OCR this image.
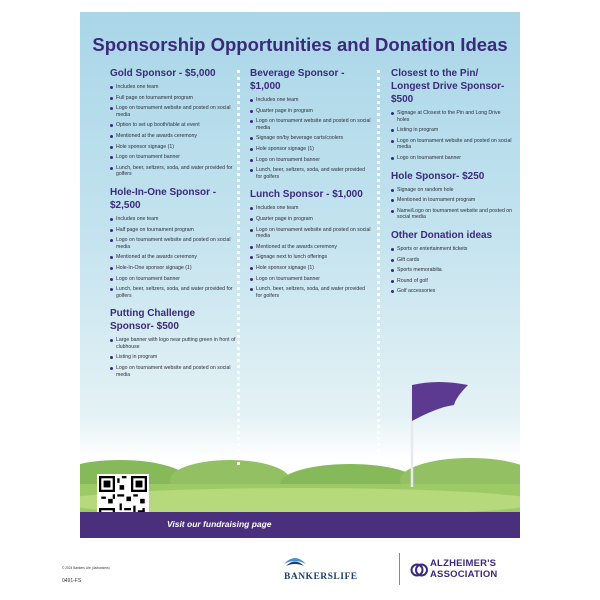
Sponsorship Opportunities and Donation Ideas
Gold Sponsor - $5,000
Includes one team
Full page on tournament program
Logo on tournament website and posted on social media
Option to set up booth/table at event
Mentioned at the awards ceremony
Hole sponsor signage (1)
Logo on tournament banner
Lunch, beer, seltzers, soda, and water provided for golfers
Hole-In-One Sponsor - $2,500
Includes one team
Half page on tournament program
Logo on tournament website and posted on social media
Mentioned at the awards ceremony
Hole-In-One sponsor signage (1)
Logo on tournament banner
Lunch, beer, seltzers, soda, and water provided for golfers
Putting Challenge Sponsor- $500
Large banner with logo near putting green in front of clubhouse
Listing in program
Logo on tournament website and posted on social media
Beverage Sponsor - $1,000
Includes one team
Quarter page in program
Logo on tournament website and posted on social media
Signage on/by beverage carts/coolers
Hole sponsor signage (1)
Logo on tournament banner
Lunch, beer, seltzers, soda, and water provided for golfers
Lunch Sponsor - $1,000
Includes one team
Quarter page in program
Logo on tournament website and posted on social media
Mentioned at the awards ceremony
Signage next to lunch offerings
Hole sponsor signage (1)
Logo on tournament banner
Lunch, beer, seltzers, soda, and water provided for golfers
Closest to the Pin/ Longest Drive Sponsor- $500
Signage at Closest to the Pin and Long Drive holes
Listing in program
Logo on tournament website and posted on social media
Logo on tournament banner
Hole Sponsor- $250
Signage on random hole
Mentioned in tournament program
Name/Logo on tournament website and posted on social media
Other Donation ideas
Sports or entertainment tickets
Gift cards
Sports memorabilia
Round of golf
Golf accessories
Visit our fundraising page
© 2024 Bankers Life (4a/bankers)
0491-FS	BANKERSLIFE
ALZHEIMER'S
ASSOCIATION
